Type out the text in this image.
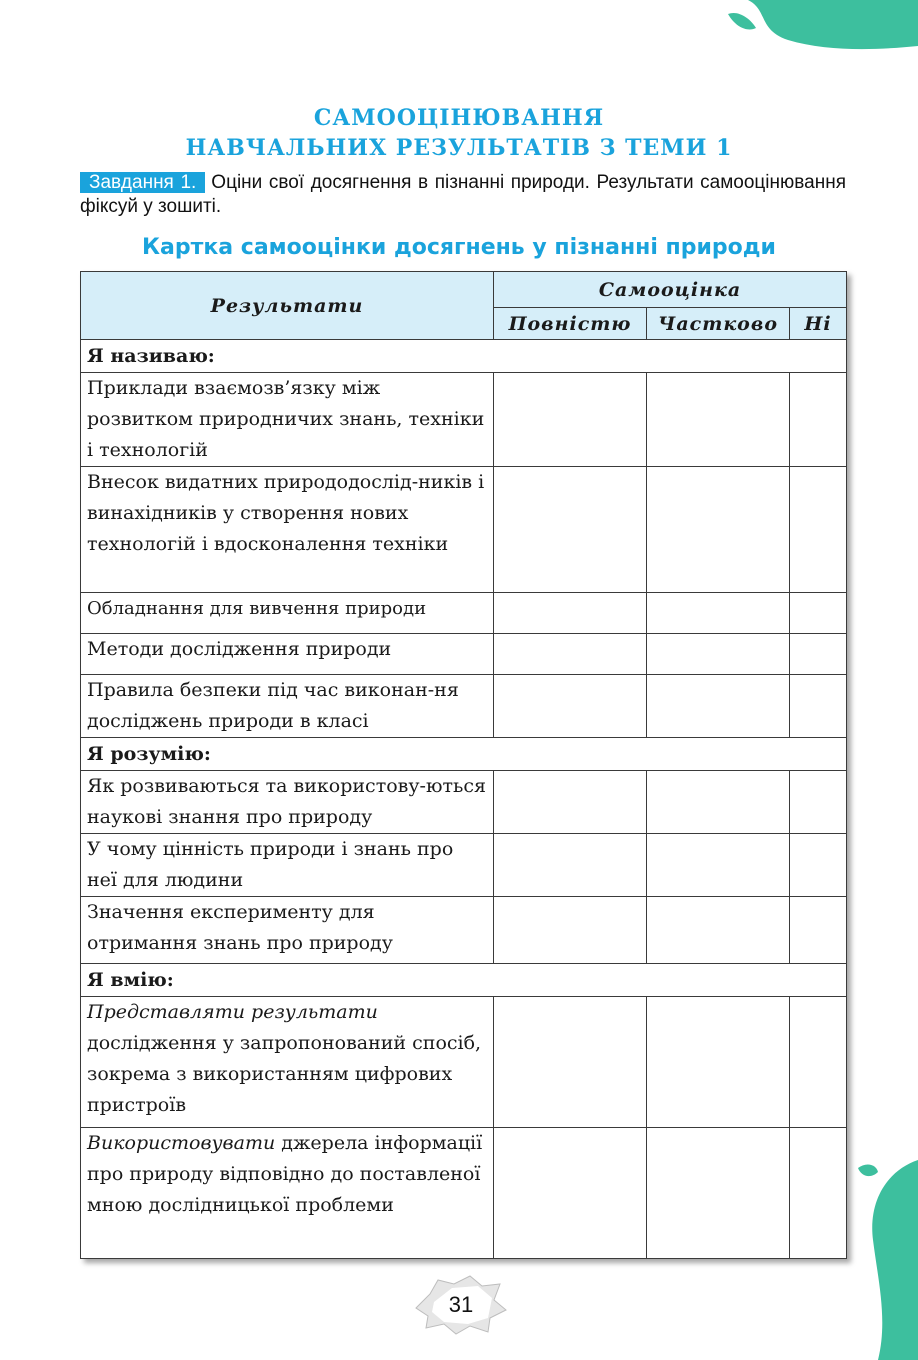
САМООЦІНЮВАННЯ
НАВЧАЛЬНИХ РЕЗУЛЬТАТІВ З ТЕМИ 1
Завдання 1. Оціни свої досягнення в пізнанні природи. Результати самооцінювання фіксуй у зошиті.
Картка самооцінки досягнень у пізнанні природи
Результати	Самооцінка		
	Повністю	Частково	Ні
Я називаю:			
Приклади взаємозв’язку між розвитком природничих знань, техніки і технологій			
Внесок видатних природодослід-ників і винахідників у створення нових технологій і вдосконалення техніки			
Обладнання для вивчення природи			
Методи дослідження природи			
Правила безпеки під час виконан-ня досліджень природи в класі			
Я розумію:			
Як розвиваються та використову-ються наукові знання про природу			
У чому цінність природи і знань про неї для людини			
Значення експерименту для отримання знань про природу			
Я вмію:			
Представляти результати дослідження у запропонований спосіб, зокрема з використанням цифрових пристроїв			
Використовувати джерела інформації про природу відповідно до поставленої мною дослідницької проблеми			
31
